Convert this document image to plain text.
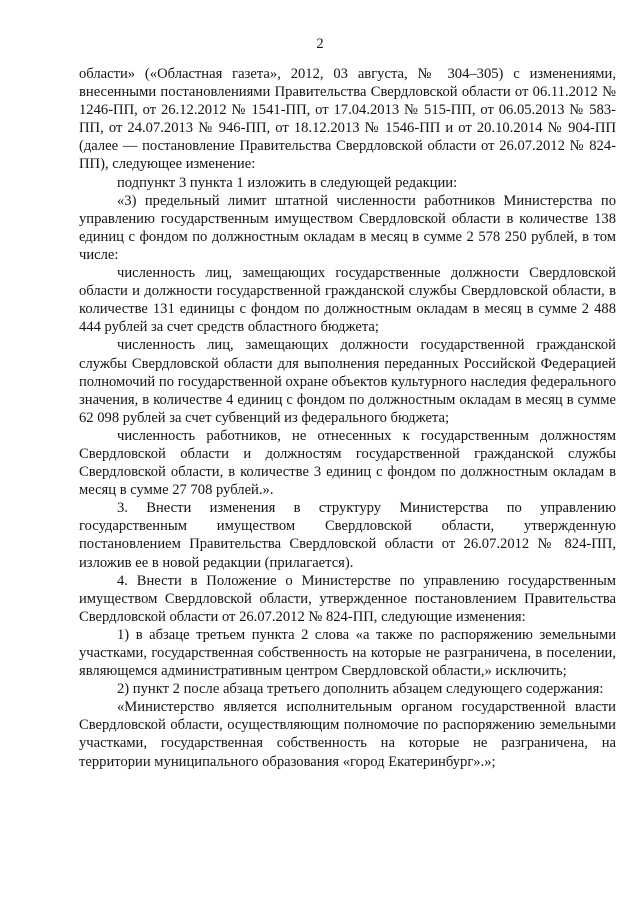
2

области» («Областная газета», 2012, 03 августа, № 304–305) с изменениями, внесенными постановлениями Правительства Свердловской области от 06.11.2012 № 1246-ПП, от 26.12.2012 № 1541-ПП, от 17.04.2013 № 515-ПП, от 06.05.2013 № 583-ПП, от 24.07.2013 № 946-ПП, от 18.12.2013 № 1546-ПП и от 20.10.2014 № 904-ПП (далее — постановление Правительства Свердловской области от 26.07.2012 № 824-ПП), следующее изменение:

подпункт 3 пункта 1 изложить в следующей редакции:

«3) предельный лимит штатной численности работников Министерства по управлению государственным имуществом Свердловской области в количестве 138 единиц с фондом по должностным окладам в месяц в сумме 2 578 250 рублей, в том числе:

численность лиц, замещающих государственные должности Свердловской области и должности государственной гражданской службы Свердловской области, в количестве 131 единицы с фондом по должностным окладам в месяц в сумме 2 488 444 рублей за счет средств областного бюджета;

численность лиц, замещающих должности государственной гражданской службы Свердловской области для выполнения переданных Российской Федерацией полномочий по государственной охране объектов культурного наследия федерального значения, в количестве 4 единиц с фондом по должностным окладам в месяц в сумме 62 098 рублей за счет субвенций из федерального бюджета;

численность работников, не отнесенных к государственным должностям Свердловской области и должностям государственной гражданской службы Свердловской области, в количестве 3 единиц с фондом по должностным окладам в месяц в сумме 27 708 рублей.».

3. Внести изменения в структуру Министерства по управлению государственным имуществом Свердловской области, утвержденную постановлением Правительства Свердловской области от 26.07.2012 № 824-ПП, изложив ее в новой редакции (прилагается).

4. Внести в Положение о Министерстве по управлению государственным имуществом Свердловской области, утвержденное постановлением Правительства Свердловской области от 26.07.2012 № 824-ПП, следующие изменения:

1) в абзаце третьем пункта 2 слова «а также по распоряжению земельными участками, государственная собственность на которые не разграничена, в поселении, являющемся административным центром Свердловской области,» исключить;

2) пункт 2 после абзаца третьего дополнить абзацем следующего содержания:

«Министерство является исполнительным органом государственной власти Свердловской области, осуществляющим полномочие по распоряжению земельными участками, государственная собственность на которые не разграничена, на территории муниципального образования «город Екатеринбург».»;
